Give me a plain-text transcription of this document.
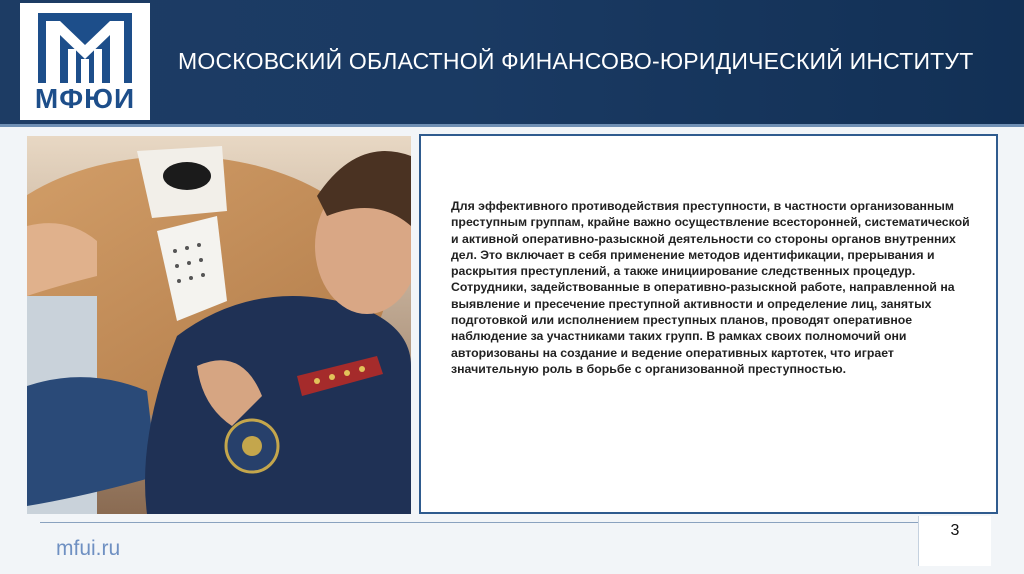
МФЮИ
МОСКОВСКИЙ ОБЛАСТНОЙ ФИНАНСОВО-ЮРИДИЧЕСКИЙ ИНСТИТУТ
Для эффективного противодействия преступности, в частности организованным преступным группам, крайне важно осуществление всесторонней, систематической и активной оперативно-разыскной деятельности со стороны органов внутренних дел. Это включает в себя применение методов идентификации, прерывания и раскрытия преступлений, а также инициирование следственных процедур. Сотрудники, задействованные в оперативно-разыскной работе, направленной на выявление и пресечение преступной активности и определение лиц, занятых подготовкой или исполнением преступных планов, проводят оперативное наблюдение за участниками таких групп. В рамках своих полномочий они авторизованы на создание и ведение оперативных картотек, что играет значительную роль в борьбе с организованной преступностью.
mfui.ru
3
